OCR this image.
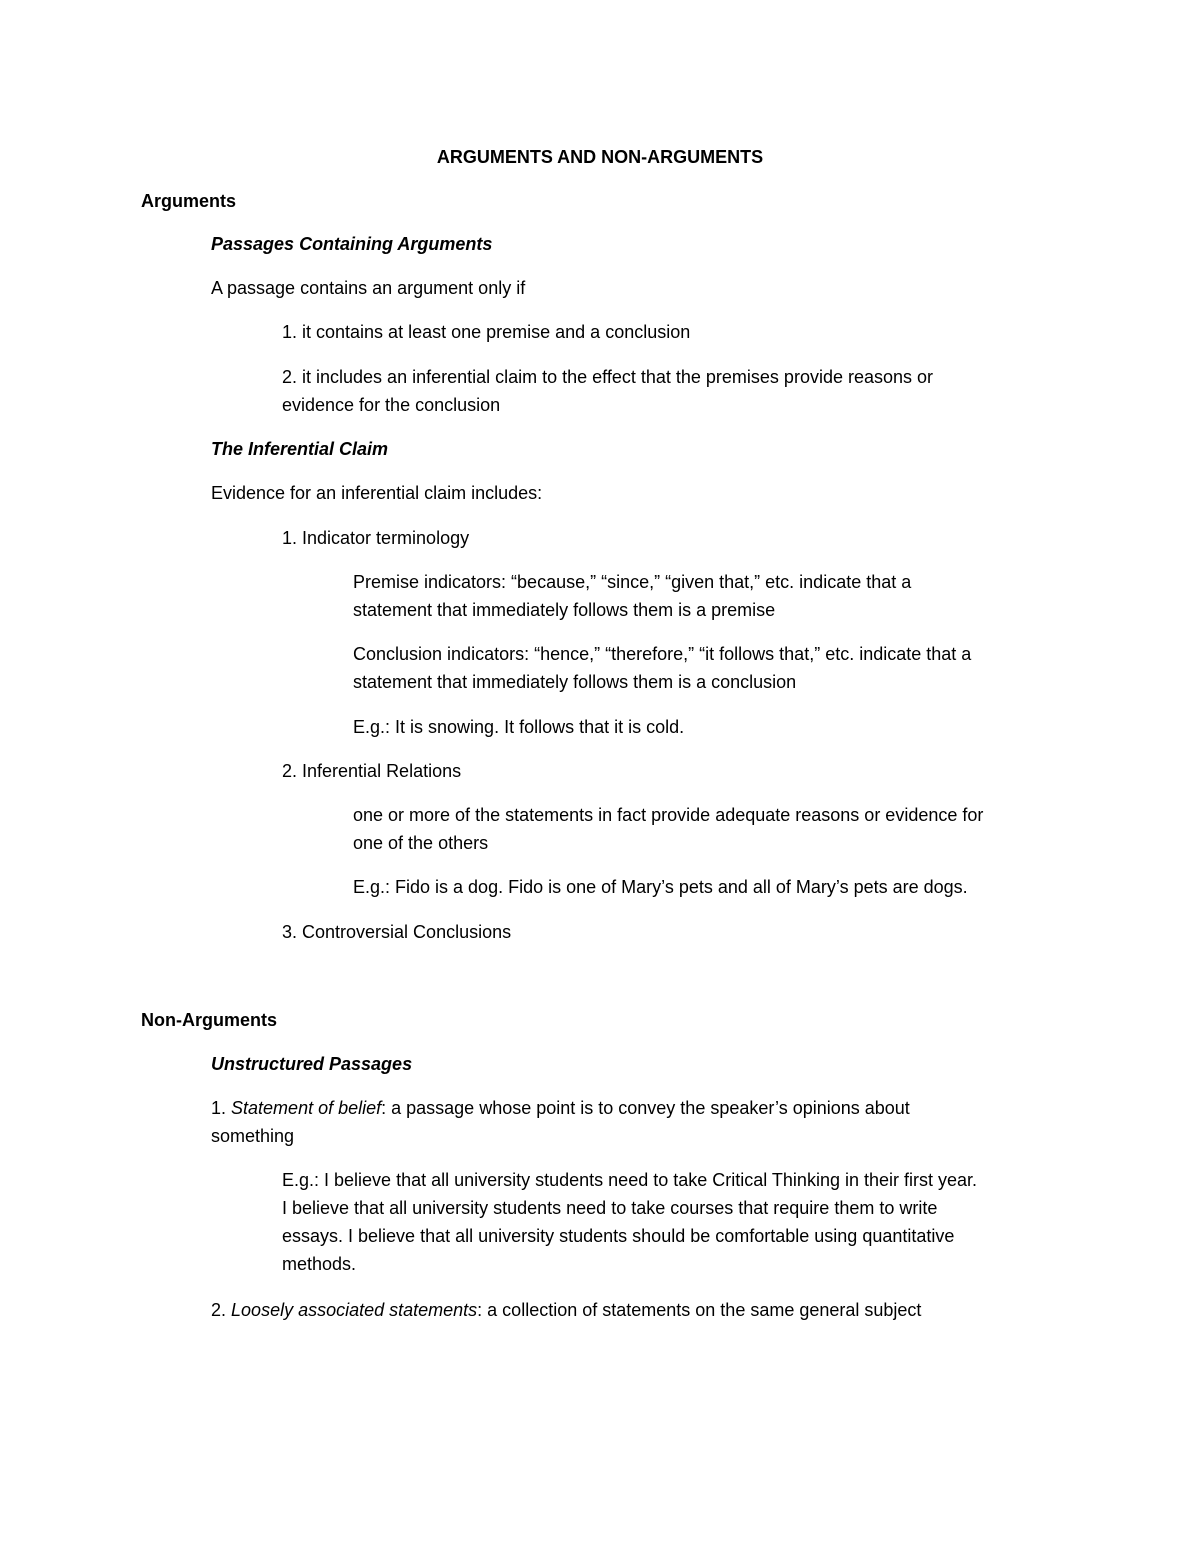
ARGUMENTS AND NON-ARGUMENTS
Arguments
Passages Containing Arguments
A passage contains an argument only if
1. it contains at least one premise and a conclusion
2. it includes an inferential claim to the effect that the premises provide reasons or
evidence for the conclusion
The Inferential Claim
Evidence for an inferential claim includes:
1. Indicator terminology
Premise indicators: “because,” “since,” “given that,” etc. indicate that a
statement that immediately follows them is a premise
Conclusion indicators: “hence,” “therefore,” “it follows that,” etc. indicate that a
statement that immediately follows them is a conclusion
E.g.: It is snowing. It follows that it is cold.
2. Inferential Relations
one or more of the statements in fact provide adequate reasons or evidence for
one of the others
E.g.: Fido is a dog. Fido is one of Mary’s pets and all of Mary’s pets are dogs.
3. Controversial Conclusions
Non-Arguments
Unstructured Passages
1. Statement of belief: a passage whose point is to convey the speaker’s opinions about
something
E.g.: I believe that all university students need to take Critical Thinking in their first year.
I believe that all university students need to take courses that require them to write
essays. I believe that all university students should be comfortable using quantitative
methods.
2. Loosely associated statements: a collection of statements on the same general subject
